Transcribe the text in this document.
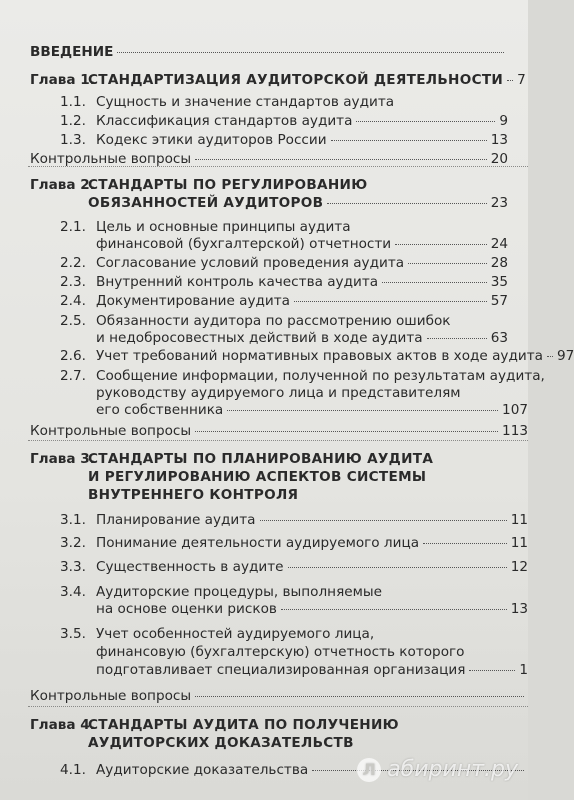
ВВЕДЕНИЕ
Глава 1.СТАНДАРТИЗАЦИЯ АУДИТОРСКОЙ ДЕЯТЕЛЬНОСТИ 7
1.1. Сущность и значение стандартов аудита
1.2. Классификация стандартов аудита	9
1.3. Кодекс этики аудиторов России	13
Контрольные вопросы	20
Глава 2.СТАНДАРТЫ ПО РЕГУЛИРОВАНИЮ
ОБЯЗАННОСТЕЙ АУДИТОРОВ	23
2.1. Цель и основные принципы аудита
финансовой (бухгалтерской) отчетности	24
2.2. Согласование условий проведения аудита	28
2.3. Внутренний контроль качества аудита	35
2.4. Документирование аудита	57
2.5. Обязанности аудитора по рассмотрению ошибок
и недобросовестных действий в ходе аудита	63
2.6. Учет требований нормативных правовых актов в ходе аудита 97
2.7. Сообщение информации, полученной по результатам аудита,
руководству аудируемого лица и представителям
его собственника	107
Контрольные вопросы	113
Глава 3.СТАНДАРТЫ ПО ПЛАНИРОВАНИЮ АУДИТА
И РЕГУЛИРОВАНИЮ АСПЕКТОВ СИСТЕМЫ
ВНУТРЕННЕГО КОНТРОЛЯ
3.1. Планирование аудита	11
3.2. Понимание деятельности аудируемого лица	11
3.3. Существенность в аудите	12
3.4. Аудиторские процедуры, выполняемые
на основе оценки рисков	13
3.5. Учет особенностей аудируемого лица,
финансовую (бухгалтерскую) отчетность которого
подготавливает специализированная организация	1
Контрольные вопросы
Глава 4.СТАНДАРТЫ АУДИТА ПО ПОЛУЧЕНИЮ
АУДИТОРСКИХ ДОКАЗАТЕЛЬСТВ
4.1. Аудиторские доказательства	Л абиринт.ру
